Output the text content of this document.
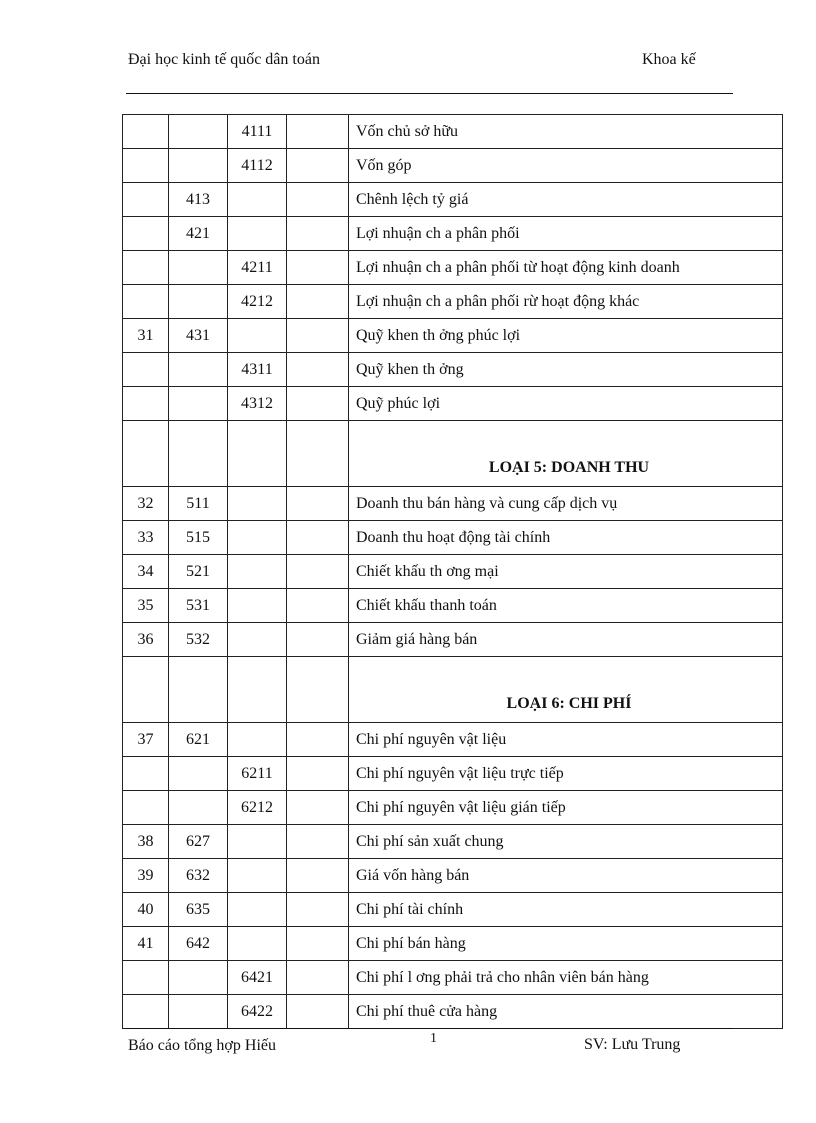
Đại học kinh tế quốc dân toán	Khoa kế
		4111		Vốn chủ sở hữu
		4112		Vốn góp
	413			Chênh lệch tỷ giá
	421			Lợi nhuận ch a phân phối
		4211		Lợi nhuận ch a phân phối từ hoạt động kinh doanh
		4212		Lợi nhuận ch a phân phối rừ hoạt động khác
31	431			Quỹ khen th ởng phúc lợi
		4311		Quỹ khen th ởng
		4312		Quỹ phúc lợi
				LOẠI 5: DOANH THU
32	511			Doanh thu bán hàng và cung cấp dịch vụ
33	515			Doanh thu hoạt động tài chính
34	521			Chiết khấu th ơng mại
35	531			Chiết khấu thanh toán
36	532			Giảm giá hàng bán
				LOẠI 6: CHI PHÍ
37	621			Chi phí nguyên vật liệu
		6211		Chi phí nguyên vật liệu trực tiếp
		6212		Chi phí nguyên vật liệu gián tiếp
38	627			Chi phí sản xuất chung
39	632			Giá vốn hàng bán
40	635			Chi phí tài chính
41	642			Chi phí bán hàng
		6421		Chi phí l ơng phải trả cho nhân viên bán hàng
		6422		Chi phí thuê cửa hàng
Báo cáo tổng hợp Hiếu	1	SV: Lưu Trung
